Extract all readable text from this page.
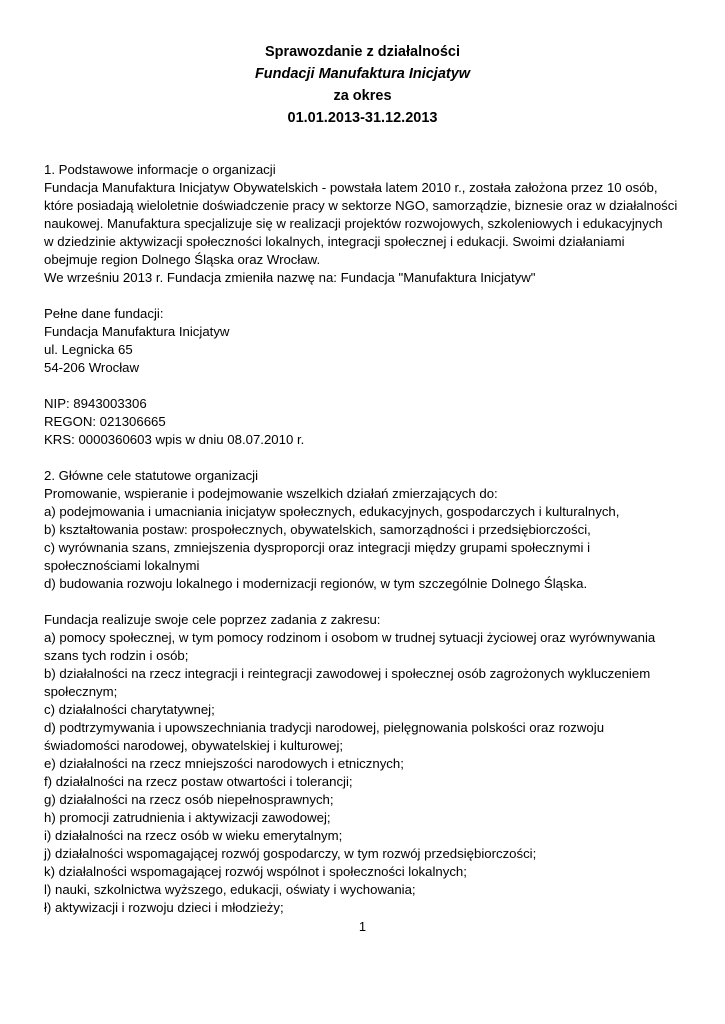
Sprawozdanie z działalności
Fundacji Manufaktura Inicjatyw
za okres
01.01.2013-31.12.2013
1. Podstawowe informacje o organizacji
Fundacja Manufaktura Inicjatyw Obywatelskich - powstała latem 2010 r., została założona przez 10 osób,
które posiadają wieloletnie doświadczenie pracy w sektorze NGO, samorządzie, biznesie oraz w działalności
naukowej. Manufaktura specjalizuje się w realizacji projektów rozwojowych, szkoleniowych i edukacyjnych
w dziedzinie aktywizacji społeczności lokalnych, integracji społecznej i edukacji. Swoimi działaniami
obejmuje region Dolnego Śląska oraz Wrocław.
We wrześniu 2013 r. Fundacja zmieniła nazwę na: Fundacja "Manufaktura Inicjatyw"
Pełne dane fundacji:
Fundacja Manufaktura Inicjatyw
ul. Legnicka 65
54-206 Wrocław
NIP: 8943003306
REGON: 021306665
KRS: 0000360603 wpis w dniu 08.07.2010 r.
2. Główne cele statutowe organizacji
Promowanie, wspieranie i podejmowanie wszelkich działań zmierzających do:
a) podejmowania i umacniania inicjatyw społecznych, edukacyjnych, gospodarczych i kulturalnych,
b) kształtowania postaw: prospołecznych, obywatelskich, samorządności i przedsiębiorczości,
c) wyrównania szans, zmniejszenia dysproporcji oraz integracji między grupami społecznymi i
społecznościami lokalnymi
d) budowania rozwoju lokalnego i modernizacji regionów, w tym szczególnie Dolnego Śląska.
Fundacja realizuje swoje cele poprzez zadania z zakresu:
a) pomocy społecznej, w tym pomocy rodzinom i osobom w trudnej sytuacji życiowej oraz wyrównywania
szans tych rodzin i osób;
b) działalności na rzecz integracji i reintegracji zawodowej i społecznej osób zagrożonych wykluczeniem
społecznym;
c) działalności charytatywnej;
d) podtrzymywania i upowszechniania tradycji narodowej, pielęgnowania polskości oraz rozwoju
świadomości narodowej, obywatelskiej i kulturowej;
e) działalności na rzecz mniejszości narodowych i etnicznych;
f) działalności na rzecz postaw otwartości i tolerancji;
g) działalności na rzecz osób niepełnosprawnych;
h) promocji zatrudnienia i aktywizacji zawodowej;
i) działalności na rzecz osób w wieku emerytalnym;
j) działalności wspomagającej rozwój gospodarczy, w tym rozwój przedsiębiorczości;
k) działalności wspomagającej rozwój wspólnot i społeczności lokalnych;
l) nauki, szkolnictwa wyższego, edukacji, oświaty i wychowania;
ł) aktywizacji i rozwoju dzieci i młodzieży;
1
